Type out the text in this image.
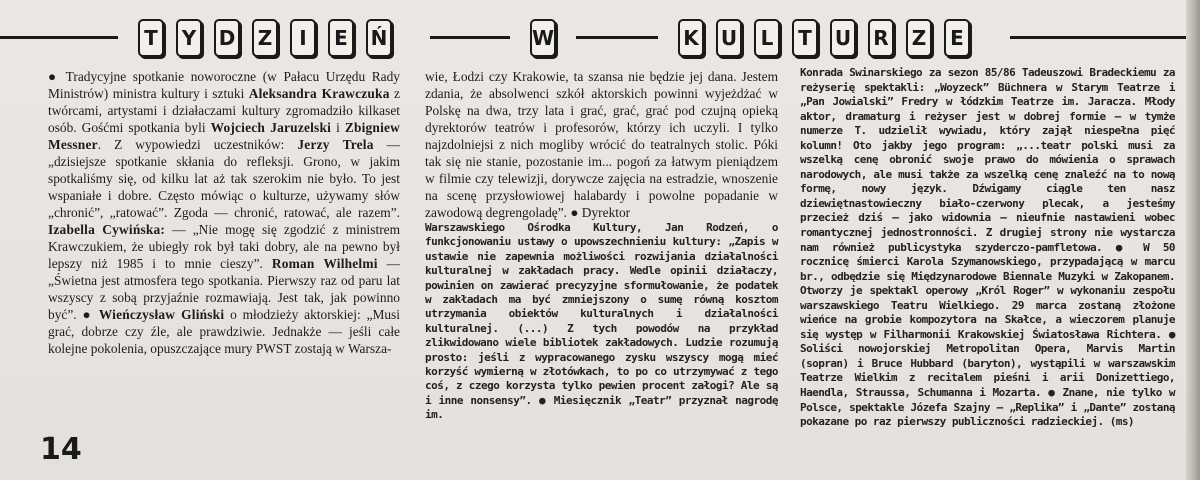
T	Y D Z	I	E	Ń	W	K U	L	T	U R Z	E

● Tradycyjne spotkanie noworoczne (w Pałacu Urzędu Rady Ministrów) ministra kultury i sztuki Aleksandra Krawczuka z twórcami, artystami i działaczami kultury zgromadziło kilkaset osób. Gośćmi spotkania byli Wojciech Jaruzelski i Zbigniew Messner. Z wypowiedzi uczestników: Jerzy Trela — „dzisiejsze spotkanie skłania do refleksji. Grono, w jakim spotkaliśmy się, od kilku lat aż tak szerokim nie było. To jest wspaniałe i dobre. Często mówiąc o kulturze, używamy słów „chronić”, „ratować”. Zgoda — chronić, ratować, ale razem”. Izabella Cywińska: — „Nie mogę się zgodzić z ministrem Krawczukiem, że ubiegły rok był taki dobry, ale na pewno był lepszy niż 1985 i to mnie cieszy”. Roman Wilhelmi — „Świetna jest atmosfera tego spotkania. Pierwszy raz od paru lat wszyscy z sobą przyjaźnie rozmawiają. Jest tak, jak powinno być”. ● Wieńczysław Gliński o młodzieży aktorskiej: „Musi grać, dobrze czy źle, ale prawdziwie. Jednakże — jeśli całe kolejne pokolenia, opuszczające mury PWST zostają w Warsza-

wie, Łodzi czy Krakowie, ta szansa nie będzie jej dana. Jestem zdania, że absolwenci szkół aktorskich powinni wyjeżdżać w Polskę na dwa, trzy lata i grać, grać, grać pod czujną opieką dyrektorów teatrów i profesorów, którzy ich uczyli. I tylko najzdolniejsi z nich mogliby wrócić do teatralnych stolic. Póki tak się nie stanie, pozostanie im... pogoń za łatwym pieniądzem w filmie czy telewizji, dorywcze zajęcia na estradzie, wnoszenie na scenę przysłowiowej halabardy i powolne popadanie w zawodową degrengoladę”. ● Dyrektor

Warszawskiego Ośrodka Kultury, Jan Rodzeń, o funkcjonowaniu ustawy o upowszechnieniu kultury: „Zapis w ustawie nie zapewnia możliwości rozwijania działalności kulturalnej w zakładach pracy. Wedle opinii działaczy, powinien on zawierać precyzyjne sformułowanie, że podatek w zakładach ma być zmniejszony o sumę równą kosztom utrzymania obiektów kulturalnych i działalności kulturalnej. (...) Z tych powodów na przykład zlikwidowano wiele bibliotek zakładowych. Ludzie rozumują prosto: jeśli z wypracowanego zysku wszyscy mogą mieć korzyść wymierną w złotówkach, to po co utrzymywać z tego coś, z czego korzysta tylko pewien procent załogi? Ale są i inne nonsensy”. ● Miesięcznik „Teatr” przyznał nagrodę im.

Konrada Swinarskiego za sezon 85/86 Tadeuszowi Bradeckiemu za reżyserię spektakli: „Woyzeck” Büchnera w Starym Teatrze i „Pan Jowialski” Fredry w łódzkim Teatrze im. Jaracza. Młody aktor, dramaturg i reżyser jest w dobrej formie — w tymże numerze T. udzielił wywiadu, który zajął niespełna pięć kolumn! Oto jakby jego program: „...teatr polski musi za wszelką cenę obronić swoje prawo do mówienia o sprawach narodowych, ale musi także za wszelką cenę znaleźć na to nową formę, nowy język. Dźwigamy ciągle ten nasz dziewiętnastowieczny biało-czerwony plecak, a jesteśmy przecież dziś — jako widownia — nieufnie nastawieni wobec romantycznej jednostronności. Z drugiej strony nie wystarcza nam również publicystyka szyderczo-pamfletowa. ● W 50 rocznicę śmierci Karola Szymanowskiego, przypadającą w marcu br., odbędzie się Międzynarodowe Biennale Muzyki w Zakopanem. Otworzy je spektakl operowy „Król Roger” w wykonaniu zespołu warszawskiego Teatru Wielkiego. 29 marca zostaną złożone wieńce na grobie kompozytora na Skałce, a wieczorem planuje się występ w Filharmonii Krakowskiej Światosława Richtera. ● Soliści nowojorskiej Metropolitan Opera, Marvis Martin (sopran) i Bruce Hubbard (baryton), wystąpili w warszawskim Teatrze Wielkim z recitalem pieśni i arii Donizettiego, Haendla, Straussa, Schumanna i Mozarta. ● Znane, nie tylko w Polsce, spektakle Józefa Szajny — „Replika” i „Dante” zostaną pokazane po raz pierwszy publiczności radzieckiej. (ms)

14
